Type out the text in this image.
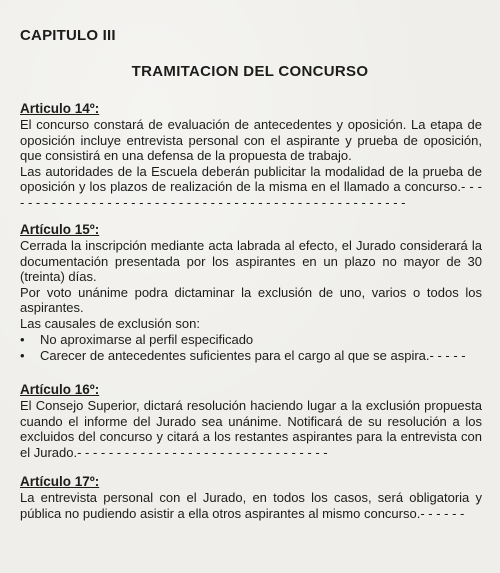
CAPITULO III
TRAMITACION DEL CONCURSO

Articulo 14º:

El concurso constará de evaluación de antecedentes y oposición. La etapa de oposición incluye entrevista personal con el aspirante y prueba de oposición, que consistirá en una defensa de la propuesta de trabajo.

Las autoridades de la Escuela deberán publicitar la modalidad de la prueba de oposición y los plazos de realización de la misma en el llamado a concurso.- - - - - - - - - - - - - - - - - - - - - - - - - - - - - - - - - - - - - - - - - - - - - - - - - - - -

Artículo 15º:

Cerrada la inscripción mediante acta labrada al efecto, el Jurado considerará la documentación presentada por los aspirantes en un plazo no mayor de 30 (treinta) días.

Por voto unánime podra dictaminar la exclusión de uno, varios o todos los aspirantes.

Las causales de exclusión son:

• No aproximarse al perfil especificado
• Carecer de antecedentes suficientes para el cargo al que se aspira.- - - - -

Artículo 16º:

El Consejo Superior, dictará resolución haciendo lugar a la exclusión propuesta cuando el informe del Jurado sea unánime. Notificará de su resolución a los excluidos del concurso y citará a los restantes aspirantes para la entrevista con el Jurado.- - - - - - - - - - - - - - - - - - - - - - - - - - - - - - - -

Artículo 17º:

La entrevista personal con el Jurado, en todos los casos, será obligatoria y pública no pudiendo asistir a ella otros aspirantes al mismo concurso.- - - - - -
